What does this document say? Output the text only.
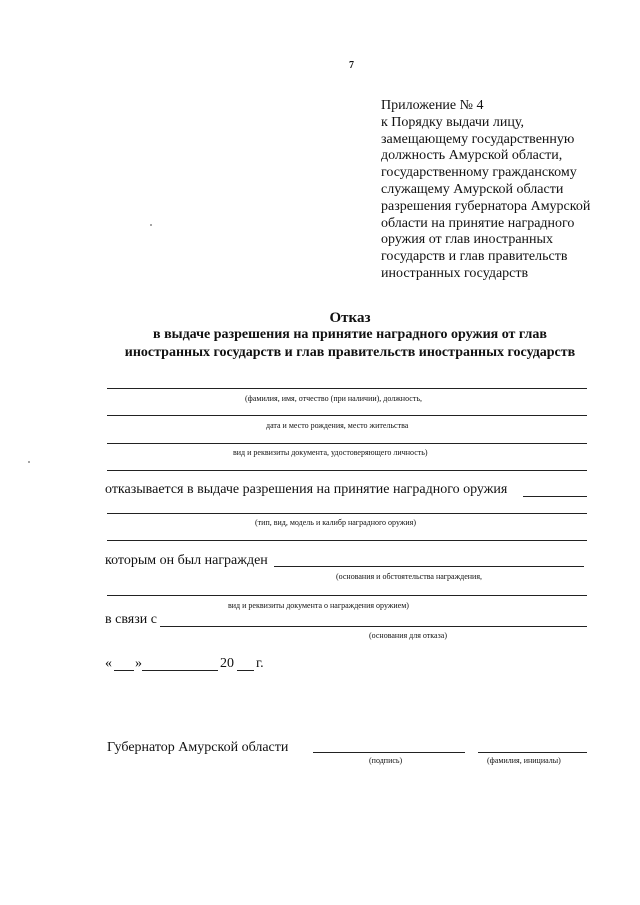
7
Приложение № 4
к Порядку выдачи лицу,
замещающему государственную
должность Амурской области,
государственному гражданскому
служащему Амурской области
разрешения губернатора Амурской
области на принятие наградного
оружия от глав иностранных
государств и глав правительств
иностранных государств
Отказ
в выдаче разрешения на принятие наградного оружия от глав
иностранных государств и глав правительств иностранных государств
(фамилия, имя, отчество (при наличии), должность,
дата и место рождения, место жительства
вид и реквизиты документа, удостоверяющего личность)
отказывается в выдаче разрешения на принятие наградного оружия
(тип, вид, модель и калибр наградного оружия)
которым он был награжден
(основания и обстоятельства награждения,
вид и реквизиты документа о награждения оружием)
в связи с
(основания для отказа)
« »	20 г.
Губернатор Амурской области
(подпись)	(фамилия, инициалы)
